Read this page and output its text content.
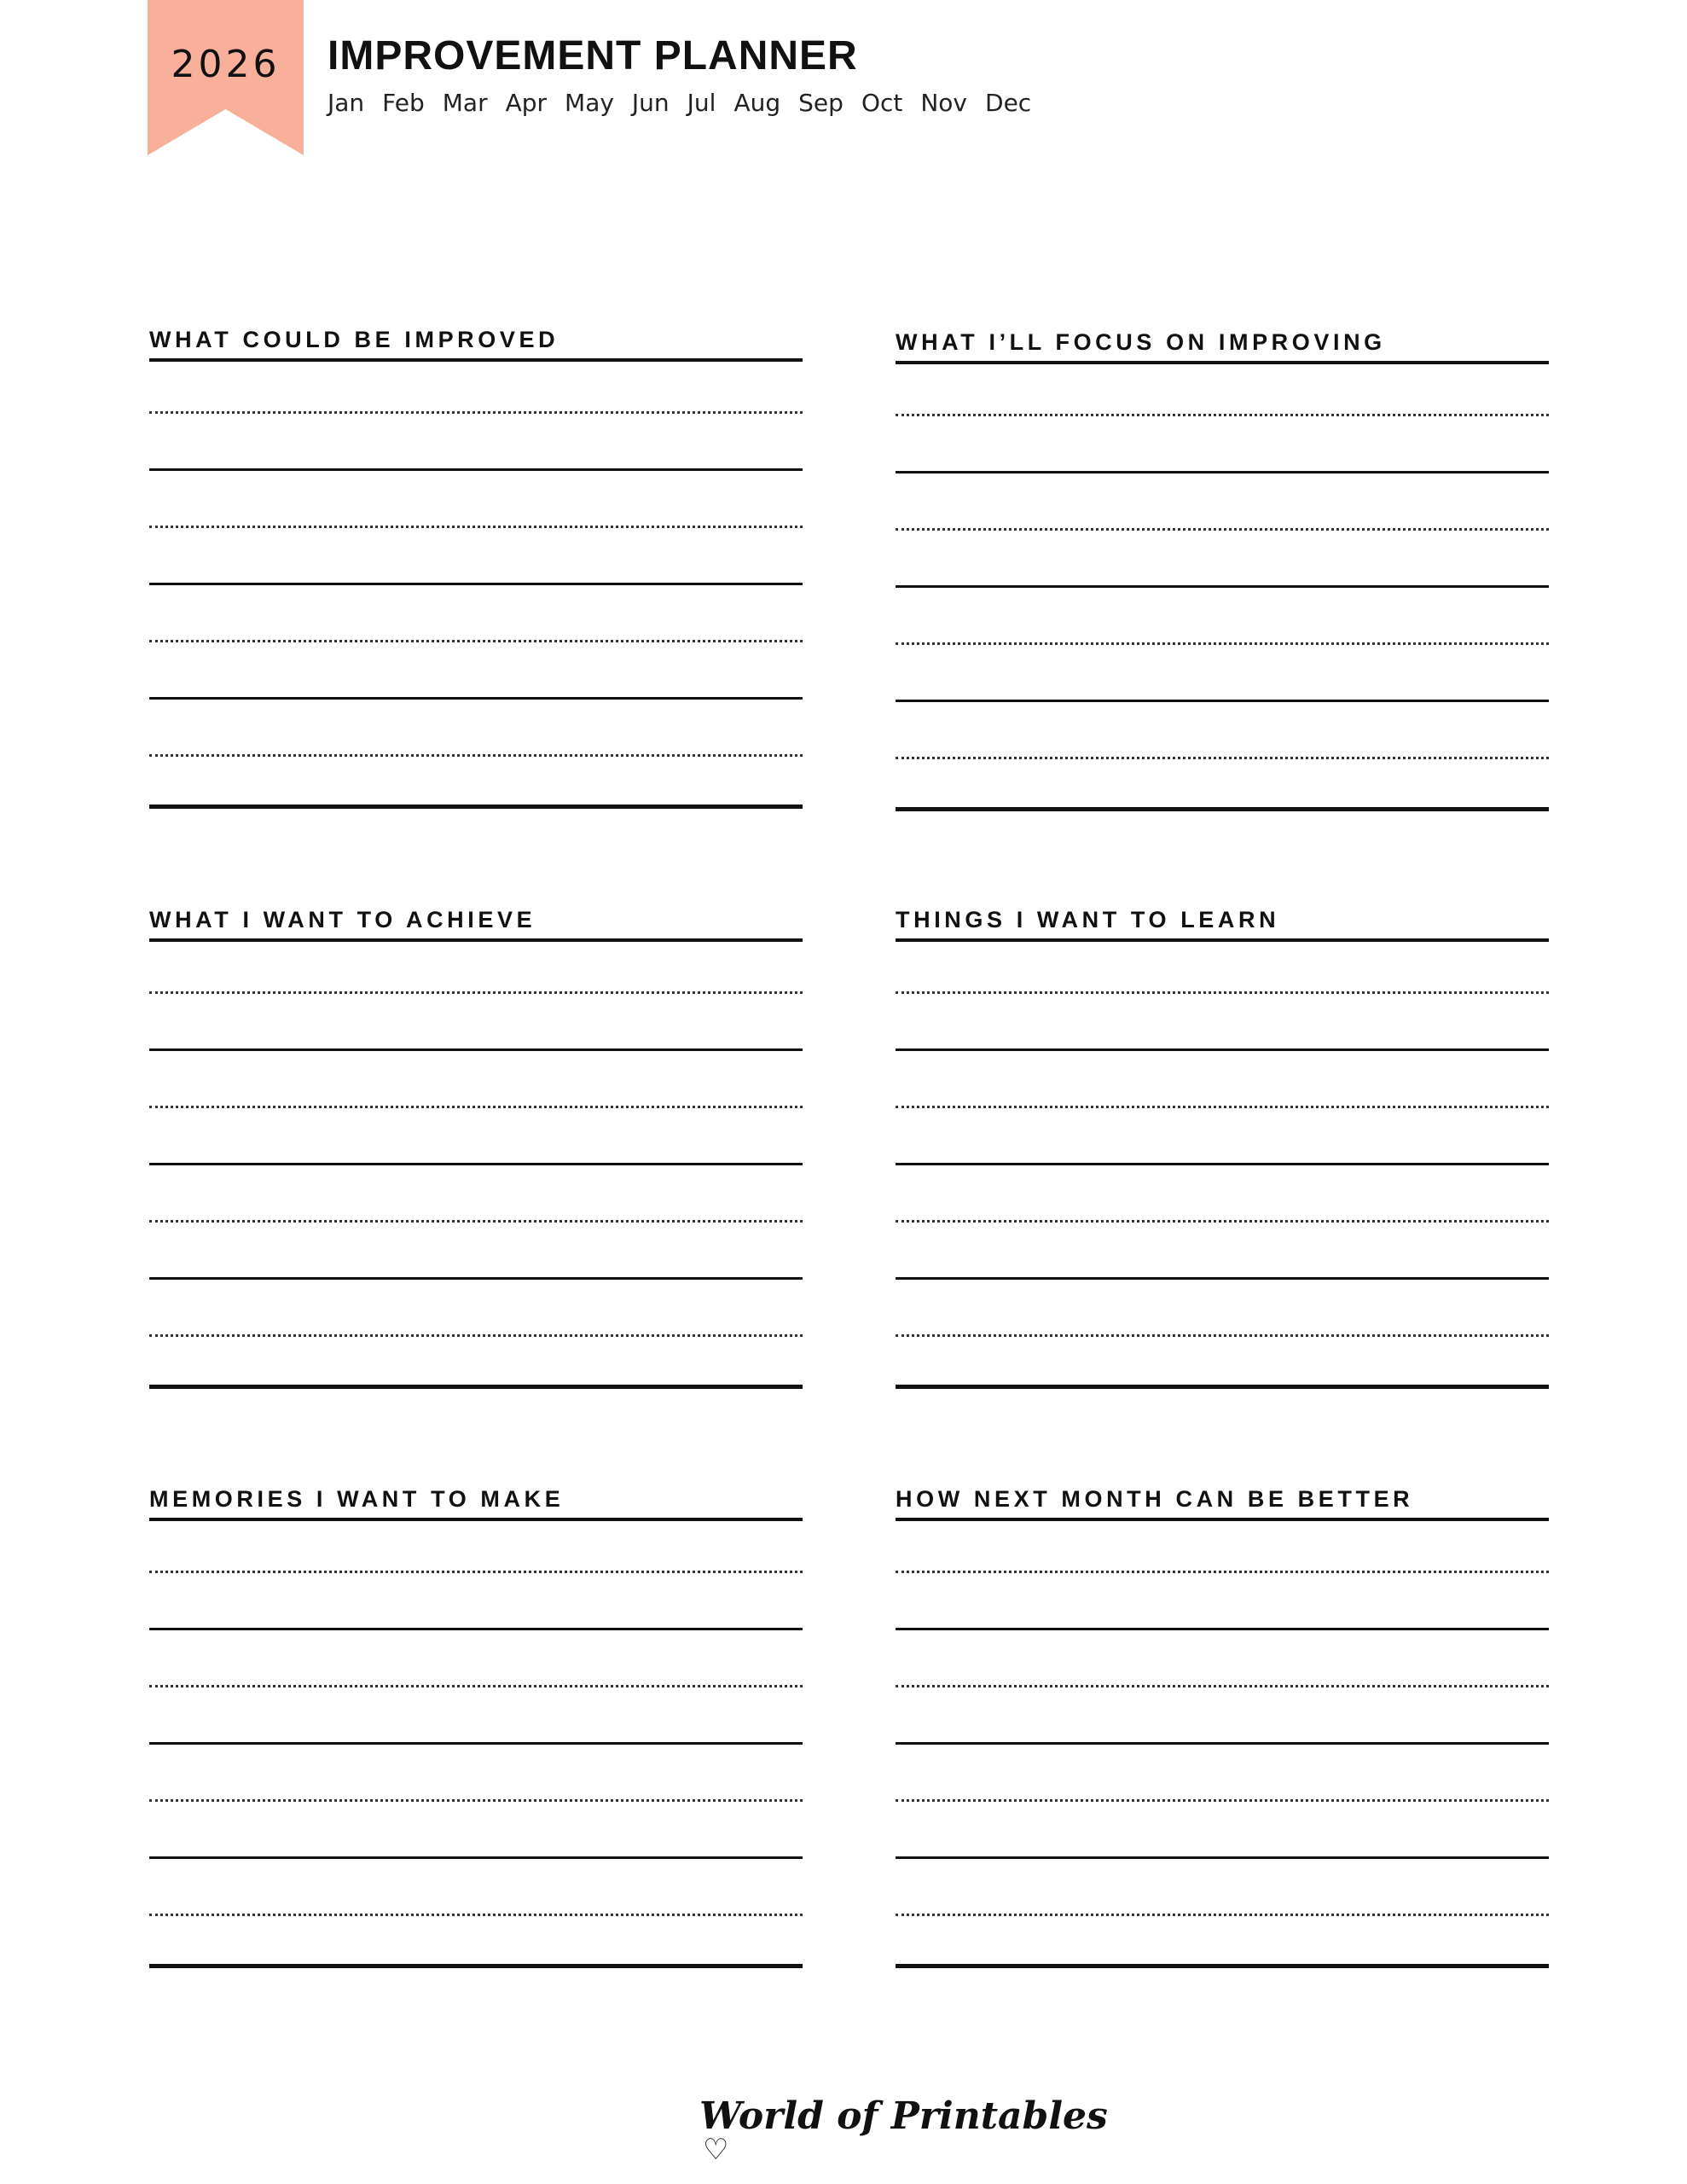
2026	IMPROVEMENT PLANNER
Jan Feb Mar Apr May Jun Jul Aug Sep Oct Nov Dec
WHAT COULD BE IMPROVED	WHAT I’LL FOCUS ON IMPROVING
WHAT I WANT TO ACHIEVE	THINGS I WANT TO LEARN
MEMORIES I WANT TO MAKE	HOW NEXT MONTH CAN BE BETTER
World of Printables♡
